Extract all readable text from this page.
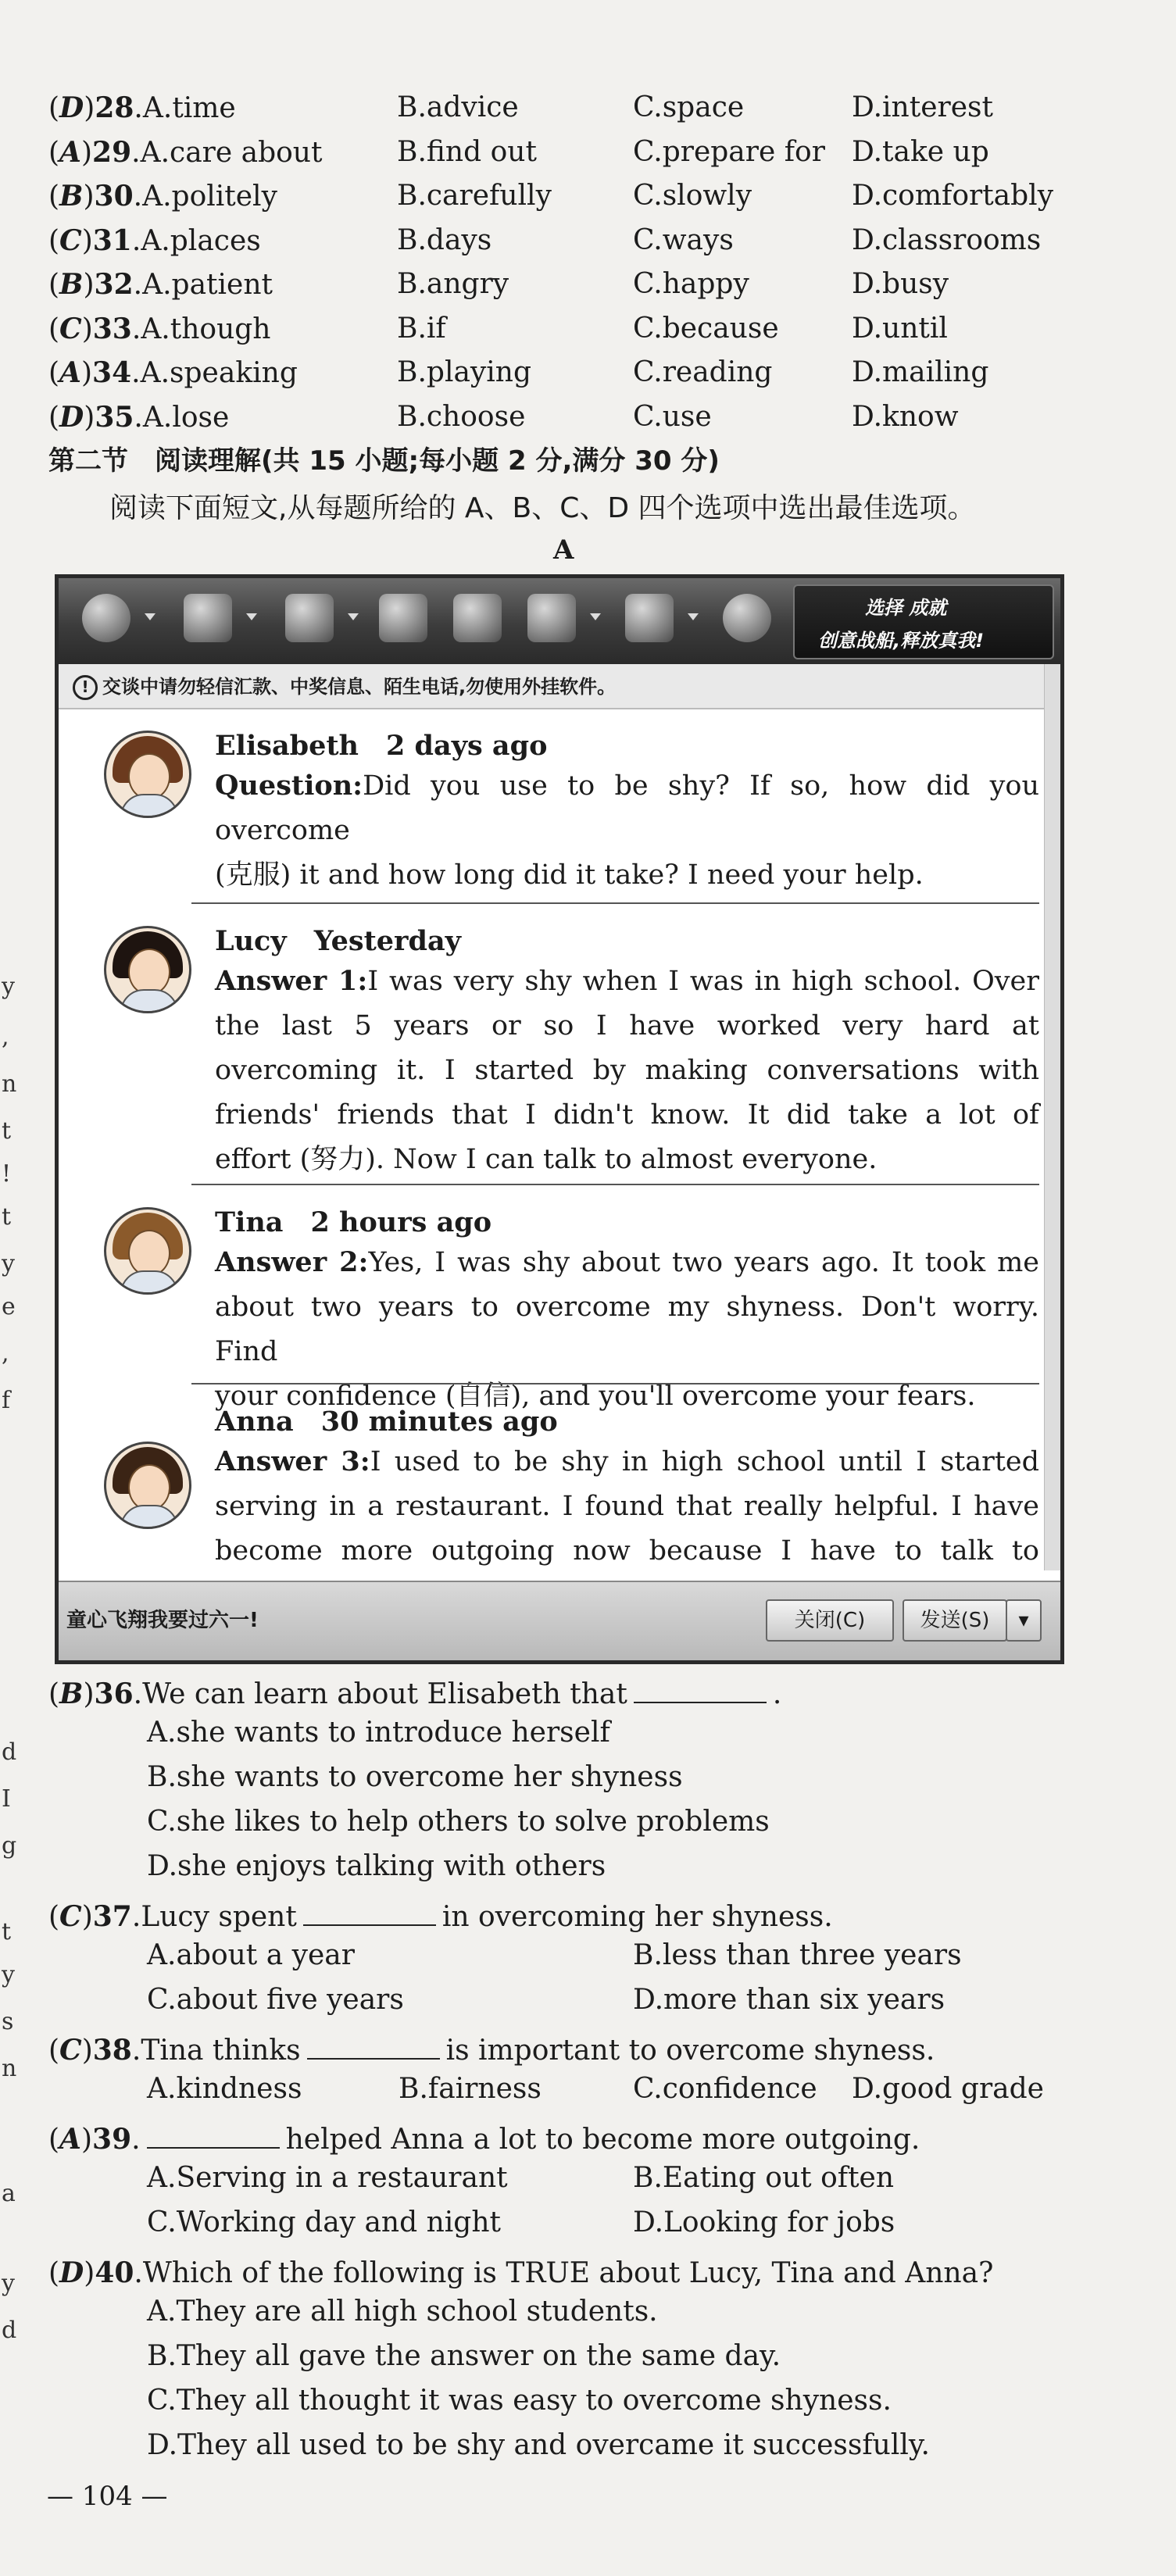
(D)28.A.time	B.advice	C.space	D.interest
(A)29.A.care about	B.find out	C.prepare for D.take up
(B)30.A.politely	B.carefully	C.slowly	D.comfortably
(C)31.A.places	B.days	C.ways	D.classrooms
(B)32.A.patient	B.angry	C.happy	D.busy
(C)33.A.though	B.if	C.because	D.until
(A)34.A.speaking	B.playing	C.reading	D.mailing
(D)35.A.lose	B.choose	C.use	D.know
第二节　阅读理解(共 15 小题;每小题 2 分,满分 30 分)
阅读下面短文,从每题所给的 A、B、C、D 四个选项中选出最佳选项。
A
选择 成就
创意战船,释放真我!
! 交谈中请勿轻信汇款、中奖信息、陌生电话,勿使用外挂软件。
Elisabeth　2 days ago
Question:Did you use to be shy? If so, how did you overcome
(克服) it and how long did it take? I need your help.
Lucy　Yesterday
Answer 1:I was very shy when I was in high school. Over
the last 5 years or so I have worked very hard at
overcoming it. I started by making conversations with
friends' friends that I didn't know. It did take a lot of
effort (努力). Now I can talk to almost everyone.
Tina　2 hours ago
Answer 2:Yes, I was shy about two years ago. It took me
about two years to overcome my shyness. Don't worry. Find
your confidence (自信), and you'll overcome your fears.
Anna　30 minutes ago
Answer 3:I used to be shy in high school until I started
serving in a restaurant. I found that really helpful. I have
become more outgoing now because I have to talk to
童心飞翔我要过六一!	关闭(C)	发送(S)	▾
(B)36.We can learn about Elisabeth that	.
A.she wants to introduce herself
B.she wants to overcome her shyness
C.she likes to help others to solve problems
D.she enjoys talking with others
(C)37.Lucy spent	in overcoming her shyness.
A.about a year	B.less than three years
C.about five years	D.more than six years
(C)38.Tina thinks	is important to overcome shyness.
A.kindness	B.fairness	C.confidence D.good grade
(A)39.	helped Anna a lot to become more outgoing.
A.Serving in a restaurant	B.Eating out often
C.Working day and night	D.Looking for jobs
(D)40.Which of the following is TRUE about Lucy, Tina and Anna?
A.They are all high school students.
B.They all gave the answer on the same day.
C.They all thought it was easy to overcome shyness.
D.They all used to be shy and overcame it successfully.
— 104 —
y
,
n
t
!
t
y
e
,
f
d
I
g
t
y
s
n
a
y
d
